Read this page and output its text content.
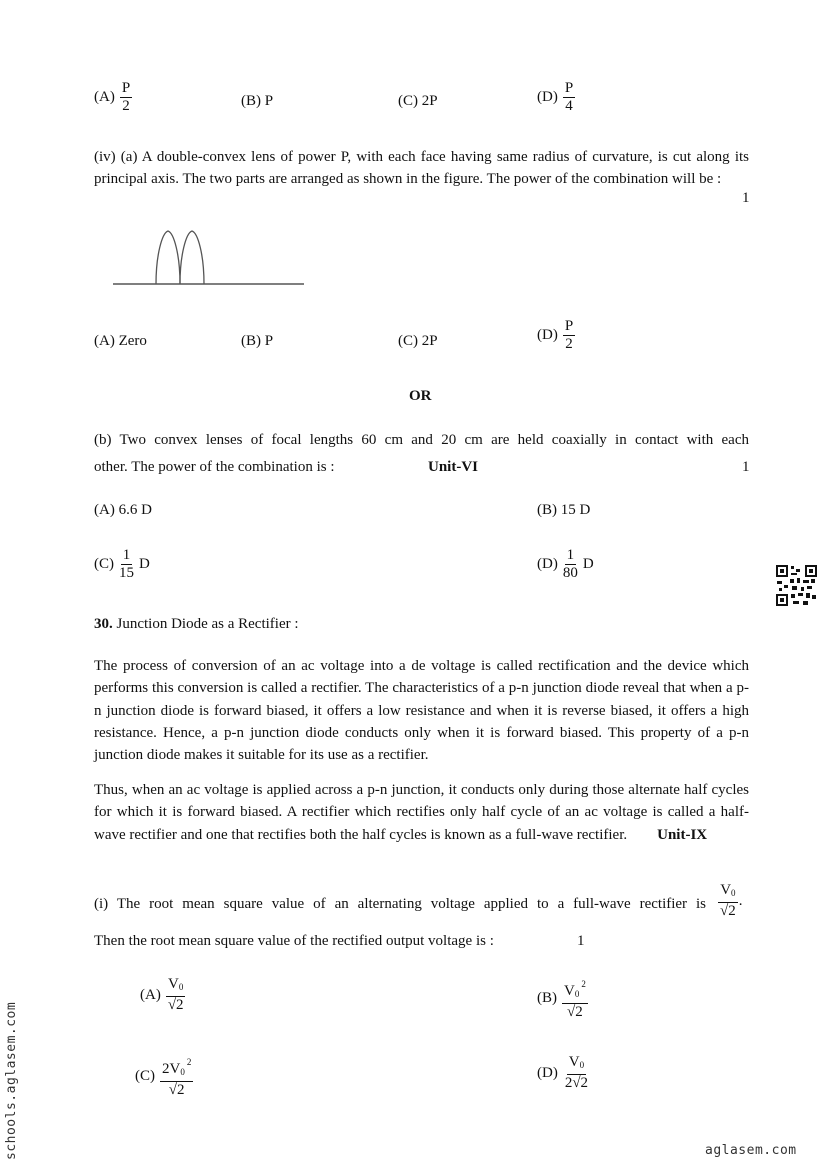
$(A) \frac{P}{2}$	(B) P	(C) 2P	$(D) \frac{P}{4}$
(iv) (a) A double-convex lens of power P, with each face having same radius of curvature, is cut along its principal axis. The two parts are arranged as shown in the figure. The power of the combination will be :
1
(A) Zero	(B) P	(C) 2P	$(D) \frac{P}{2}$
OR
(b) Two convex lenses of focal lengths 60 cm and 20 cm are held coaxially in contact with each
other. The power of the combination is :	Unit-VI	1
(A) 6.6 D	(B) 15 D
$(C) \frac{1}{15}$ D	$(D) \frac{1}{80}$ D
30. Junction Diode as a Rectifier :
The process of conversion of an ac voltage into a de voltage is called rectification and the device which performs this conversion is called a rectifier. The characteristics of a p-n junction diode reveal that when a p-n junction diode is forward biased, it offers a low resistance and when it is reverse biased, it offers a high resistance. Hence, a p-n junction diode conducts only when it is forward biased. This property of a p-n junction diode makes it suitable for its use as a rectifier.
Thus, when an ac voltage is applied across a p-n junction, it conducts only during those alternate half cycles for which it is forward biased. A rectifier which rectifies only half cycle of an ac voltage is called a half-wave rectifier and one that rectifies both the half cycles is known as a full-wave rectifier. Unit-IX
(i) The root mean square value of an alternating voltage applied to a full-wave rectifier is $\frac{V_0}{√2}$ .
Then the root mean square value of the rectified output voltage is :	1
$(A) \frac{V_0}{√2}$	$(B) \frac{V_0^2}{√2}$
$(C) \frac{2V_0^2}{√2}$	$(D) \frac{V_0}{2√2}$
schools.aglasem.com	aglasem.com
